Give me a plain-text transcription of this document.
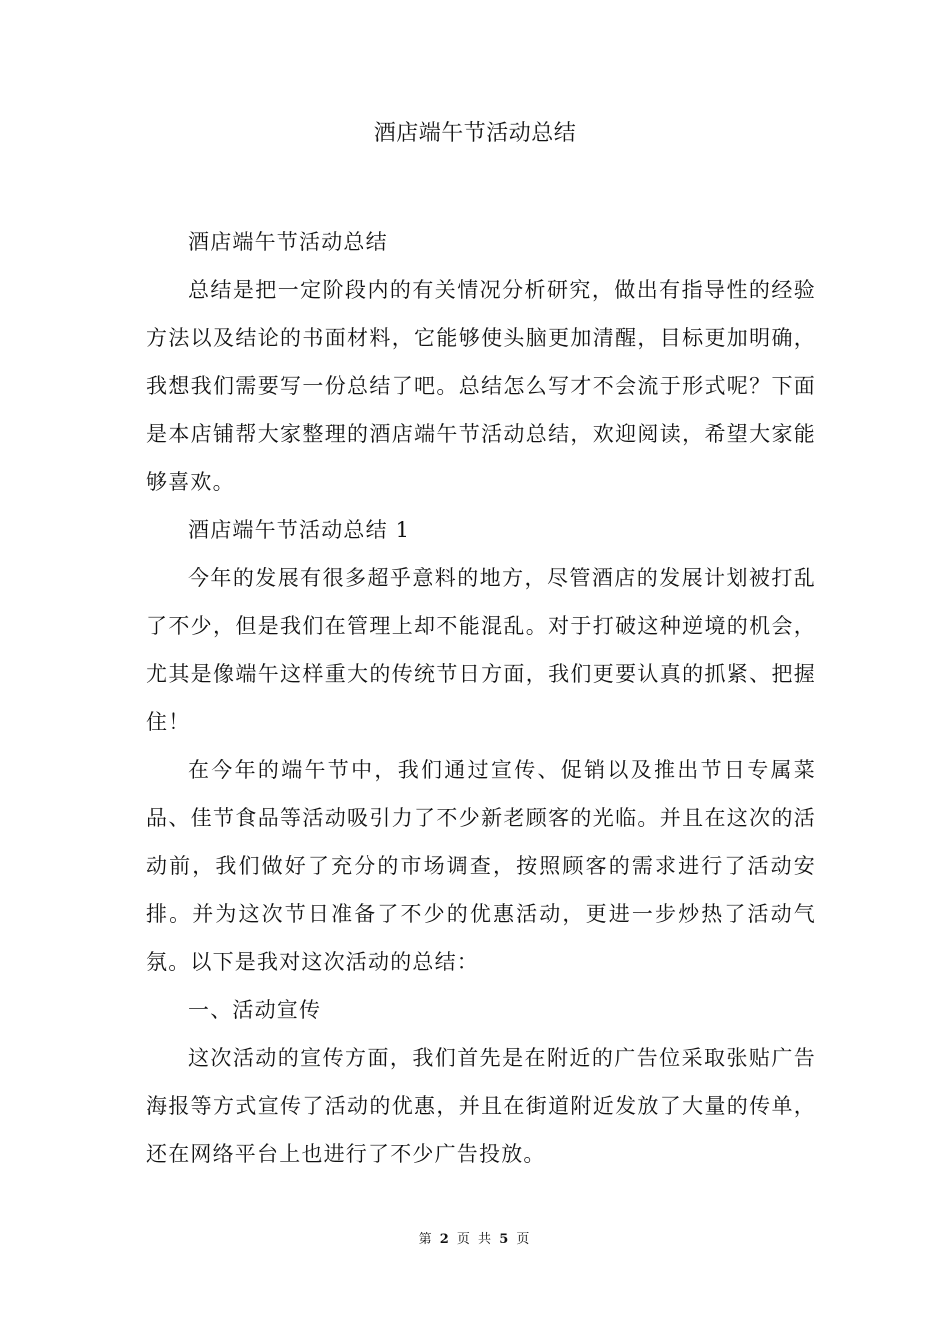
酒店端午节活动总结

酒店端午节活动总结

总结是把一定阶段内的有关情况分析研究，做出有指导性的经验方法以及结论的书面材料，它能够使头脑更加清醒，目标更加明确，我想我们需要写一份总结了吧。总结怎么写才不会流于形式呢？下面是本店铺帮大家整理的酒店端午节活动总结，欢迎阅读，希望大家能够喜欢。

酒店端午节活动总结 1

今年的发展有很多超乎意料的地方，尽管酒店的发展计划被打乱了不少，但是我们在管理上却不能混乱。对于打破这种逆境的机会，尤其是像端午这样重大的传统节日方面，我们更要认真的抓紧、把握住！

在今年的端午节中，我们通过宣传、促销以及推出节日专属菜品、佳节食品等活动吸引力了不少新老顾客的光临。并且在这次的活动前，我们做好了充分的市场调查，按照顾客的需求进行了活动安排。并为这次节日准备了不少的优惠活动，更进一步炒热了活动气氛。以下是我对这次活动的总结：

一、活动宣传

这次活动的宣传方面，我们首先是在附近的广告位采取张贴广告海报等方式宣传了活动的优惠，并且在街道附近发放了大量的传单，还在网络平台上也进行了不少广告投放。

第 2 页 共 5 页
